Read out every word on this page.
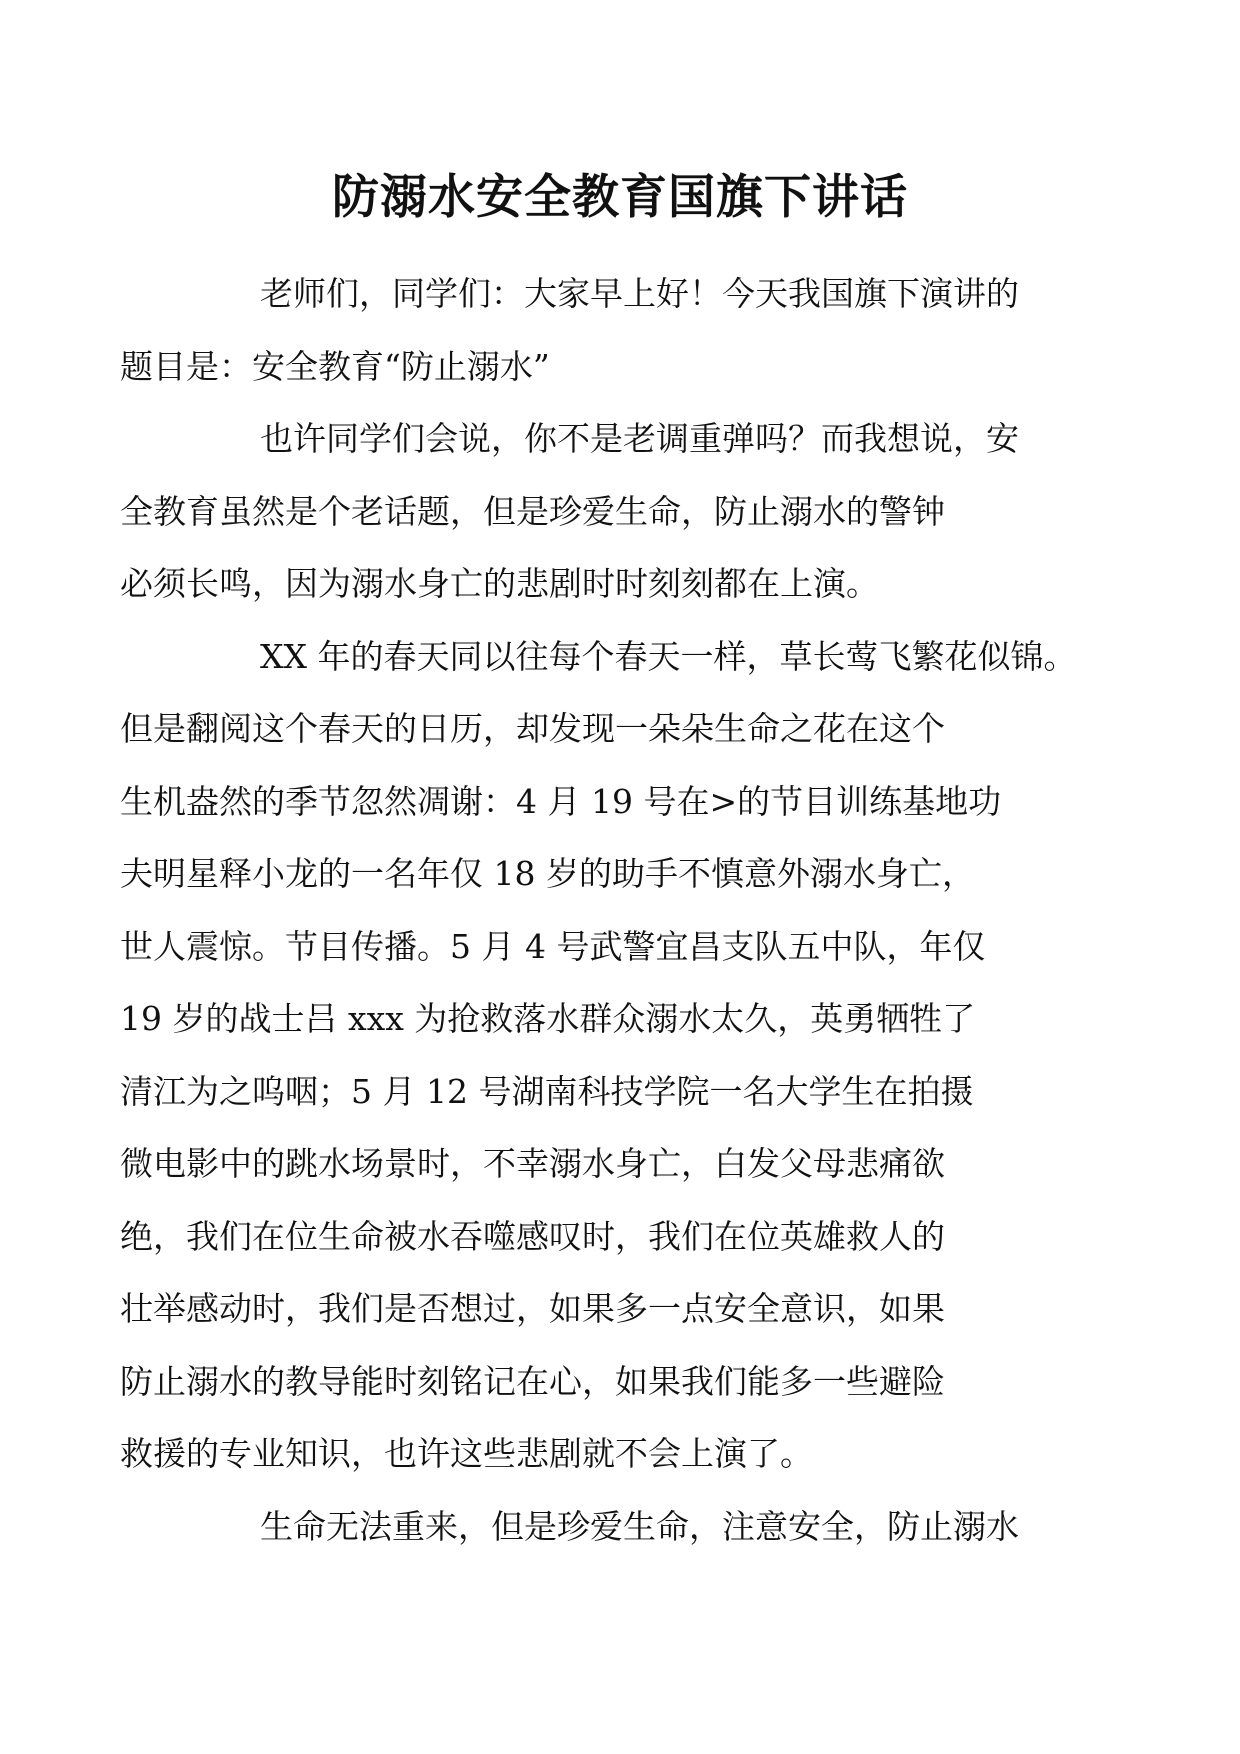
防溺水安全教育国旗下讲话

老师们，同学们：大家早上好！今天我国旗下演讲的
题目是：安全教育“防止溺水”

也许同学们会说，你不是老调重弹吗？而我想说，安
全教育虽然是个老话题，但是珍爱生命，防止溺水的警钟
必须长鸣，因为溺水身亡的悲剧时时刻刻都在上演。

XX 年的春天同以往每个春天一样，草长莺飞繁花似锦。
但是翻阅这个春天的日历，却发现一朵朵生命之花在这个
生机盎然的季节忽然凋谢：4 月 19 号在>的节目训练基地功
夫明星释小龙的一名年仅 18 岁的助手不慎意外溺水身亡，
世人震惊。节目传播。5 月 4 号武警宜昌支队五中队，年仅
19 岁的战士吕 xxx 为抢救落水群众溺水太久，英勇牺牲了
清江为之呜咽；5 月 12 号湖南科技学院一名大学生在拍摄
微电影中的跳水场景时，不幸溺水身亡，白发父母悲痛欲
绝，我们在位生命被水吞噬感叹时，我们在位英雄救人的
壮举感动时，我们是否想过，如果多一点安全意识，如果
防止溺水的教导能时刻铭记在心，如果我们能多一些避险
救援的专业知识，也许这些悲剧就不会上演了。

生命无法重来，但是珍爱生命，注意安全，防止溺水
